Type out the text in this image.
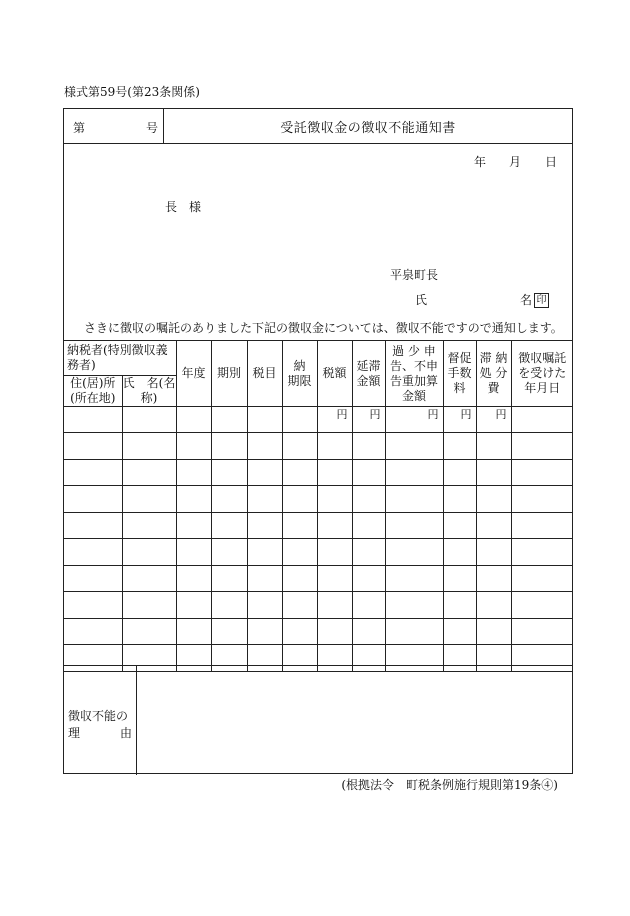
様式第59号(第23条関係)
第	号	受託徴収金の徴収不能通知書
年 月 日
長　様
平泉町長
氏	名 印
さきに徴収の嘱託のありました下記の徴収金については、徴収不能ですので通知します。
納税者(特別徴収義務者)		年度	期別	税目	納 期限	税額	延滞金額	過 少 申告、不申告重加算金額	督促手数料	滞 納処 分費	徴収嘱託を受けた年月日
住(居)所(所在地)	氏　名(名 称)										
						円	円	円	円	円	

徴収不能の
理	由
(根拠法令　町税条例施行規則第19条④)
